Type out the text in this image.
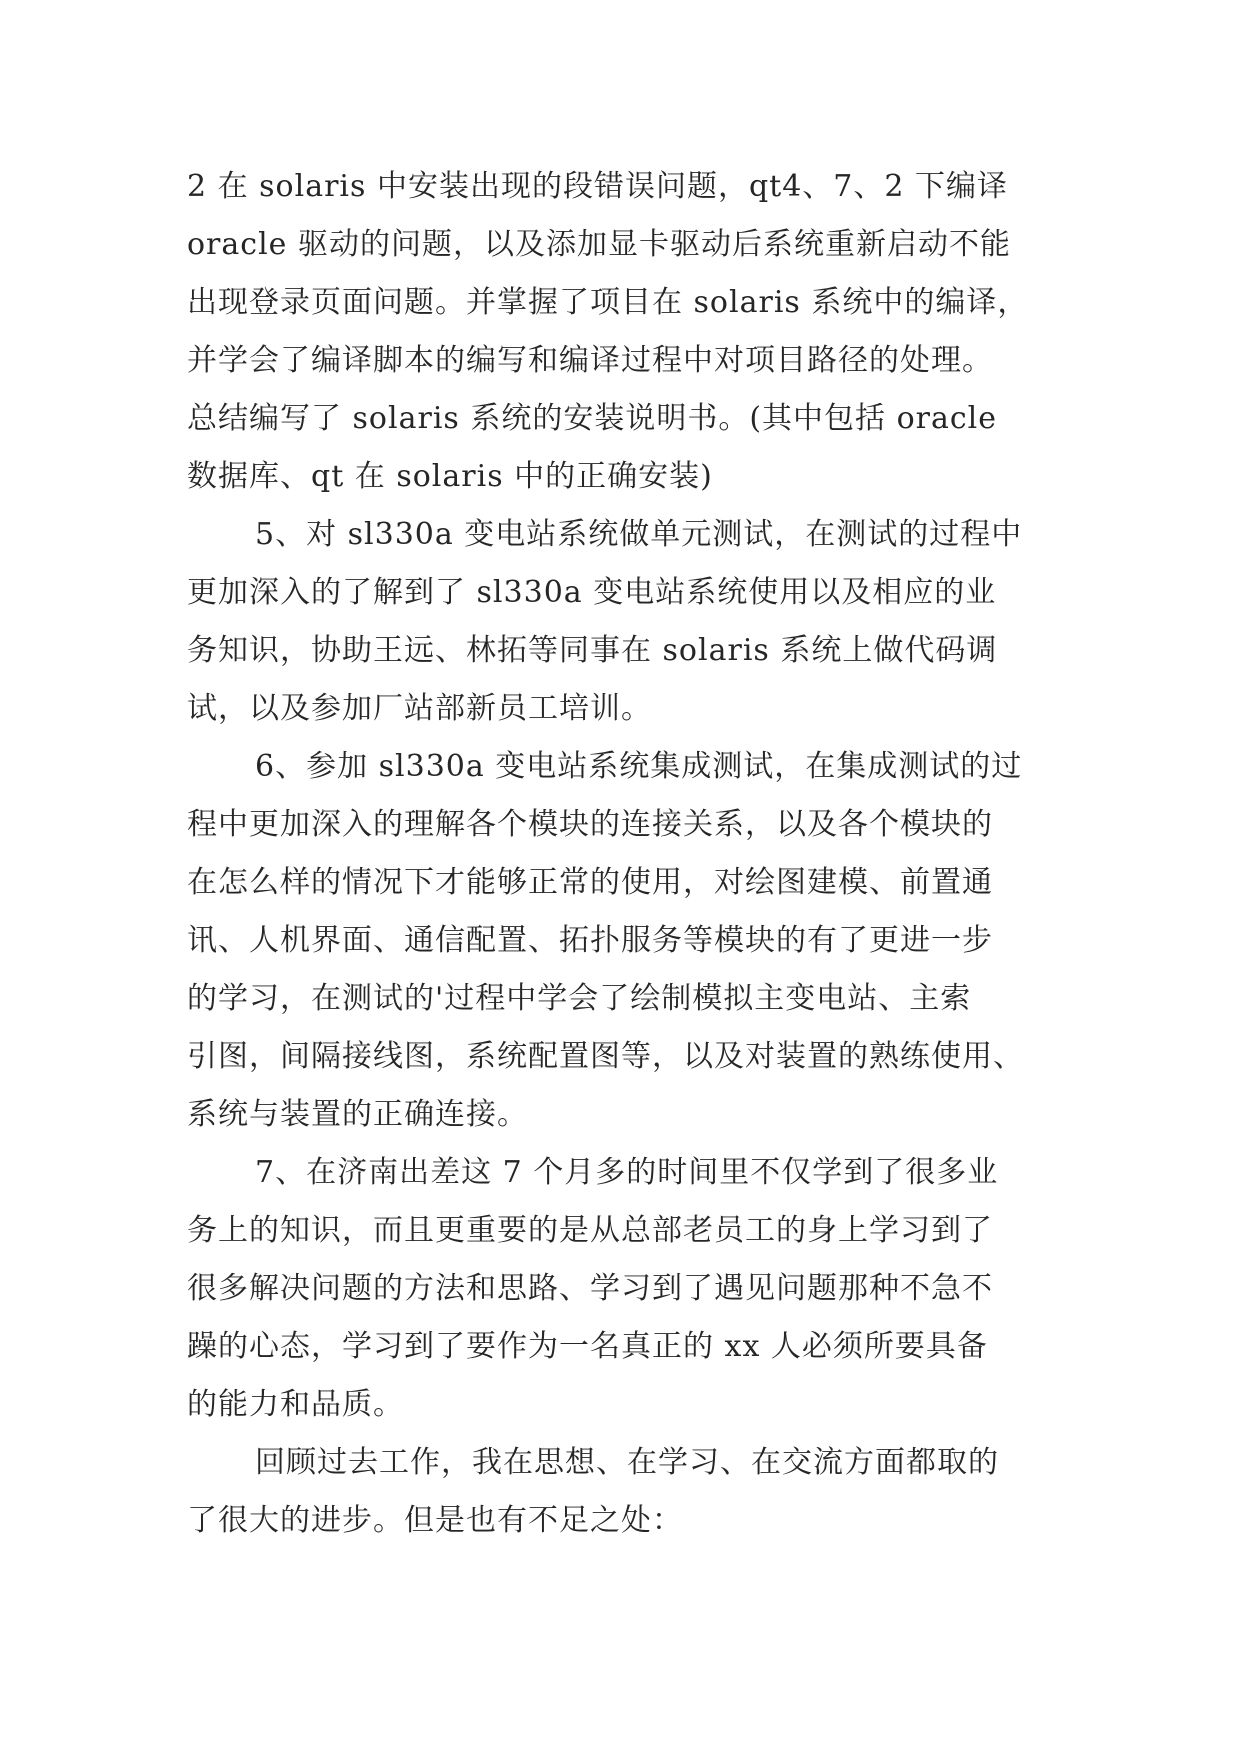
2 在 solaris 中安装出现的段错误问题，qt4、7、2 下编译
oracle 驱动的问题，以及添加显卡驱动后系统重新启动不能
出现登录页面问题。并掌握了项目在 solaris 系统中的编译，
并学会了编译脚本的编写和编译过程中对项目路径的处理。
总结编写了 solaris 系统的安装说明书。(其中包括 oracle
数据库、qt 在 solaris 中的正确安装)
5、对 sl330a 变电站系统做单元测试，在测试的过程中
更加深入的了解到了 sl330a 变电站系统使用以及相应的业
务知识，协助王远、林拓等同事在 solaris 系统上做代码调
试，以及参加厂站部新员工培训。
6、参加 sl330a 变电站系统集成测试，在集成测试的过
程中更加深入的理解各个模块的连接关系，以及各个模块的
在怎么样的情况下才能够正常的使用，对绘图建模、前置通
讯、人机界面、通信配置、拓扑服务等模块的有了更进一步
的学习，在测试的'过程中学会了绘制模拟主变电站、主索
引图，间隔接线图，系统配置图等，以及对装置的熟练使用、
系统与装置的正确连接。
7、在济南出差这 7 个月多的时间里不仅学到了很多业
务上的知识，而且更重要的是从总部老员工的身上学习到了
很多解决问题的方法和思路、学习到了遇见问题那种不急不
躁的心态，学习到了要作为一名真正的 xx 人必须所要具备
的能力和品质。
回顾过去工作，我在思想、在学习、在交流方面都取的
了很大的进步。但是也有不足之处：
